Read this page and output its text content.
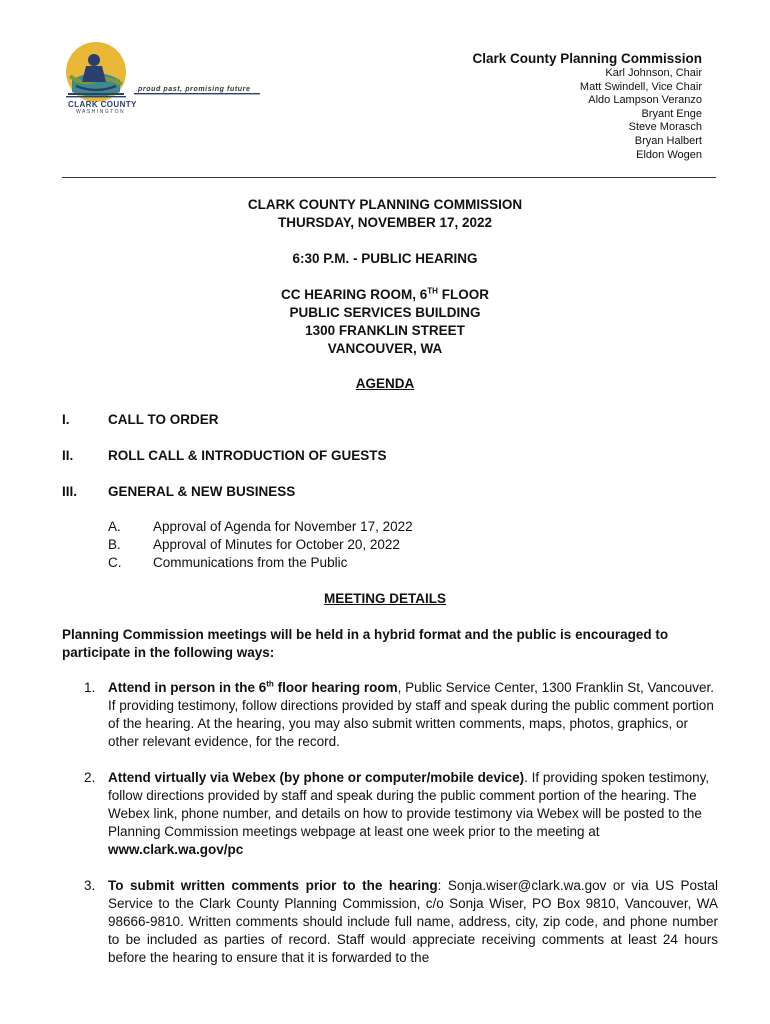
proud past, promising future
CLARK COUNTY
WASHINGTON
Clark County Planning Commission
Karl Johnson, Chair
Matt Swindell, Vice Chair
Aldo Lampson Veranzo
Bryant Enge
Steve Morasch
Bryan Halbert
Eldon Wogen
CLARK COUNTY PLANNING COMMISSION
THURSDAY, NOVEMBER 17, 2022
6:30 P.M. - PUBLIC HEARING
CC HEARING ROOM, 6TH FLOOR
PUBLIC SERVICES BUILDING
1300 FRANKLIN STREET
VANCOUVER, WA
AGENDA
I.	CALL TO ORDER
II.	ROLL CALL & INTRODUCTION OF GUESTS
III. GENERAL & NEW BUSINESS
A. Approval of Agenda for November 17, 2022
B. Approval of Minutes for October 20, 2022
C. Communications from the Public
MEETING DETAILS
Planning Commission meetings will be held in a hybrid format and the public is encouraged to participate in the following ways:
1. Attend in person in the 6th floor hearing room, Public Service Center, 1300 Franklin St, Vancouver. If providing testimony, follow directions provided by staff and speak during the public comment portion of the hearing. At the hearing, you may also submit written comments, maps, photos, graphics, or other relevant evidence, for the record.
2. Attend virtually via Webex (by phone or computer/mobile device). If providing spoken testimony, follow directions provided by staff and speak during the public comment portion of the hearing. The Webex link, phone number, and details on how to provide testimony via Webex will be posted to the Planning Commission meetings webpage at least one week prior to the meeting at www.clark.wa.gov/pc
3. To submit written comments prior to the hearing: Sonja.wiser@clark.wa.gov or via US Postal Service to the Clark County Planning Commission, c/o Sonja Wiser, PO Box 9810, Vancouver, WA 98666-9810. Written comments should include full name, address, city, zip code, and phone number to be included as parties of record. Staff would appreciate receiving comments at least 24 hours before the hearing to ensure that it is forwarded to the
